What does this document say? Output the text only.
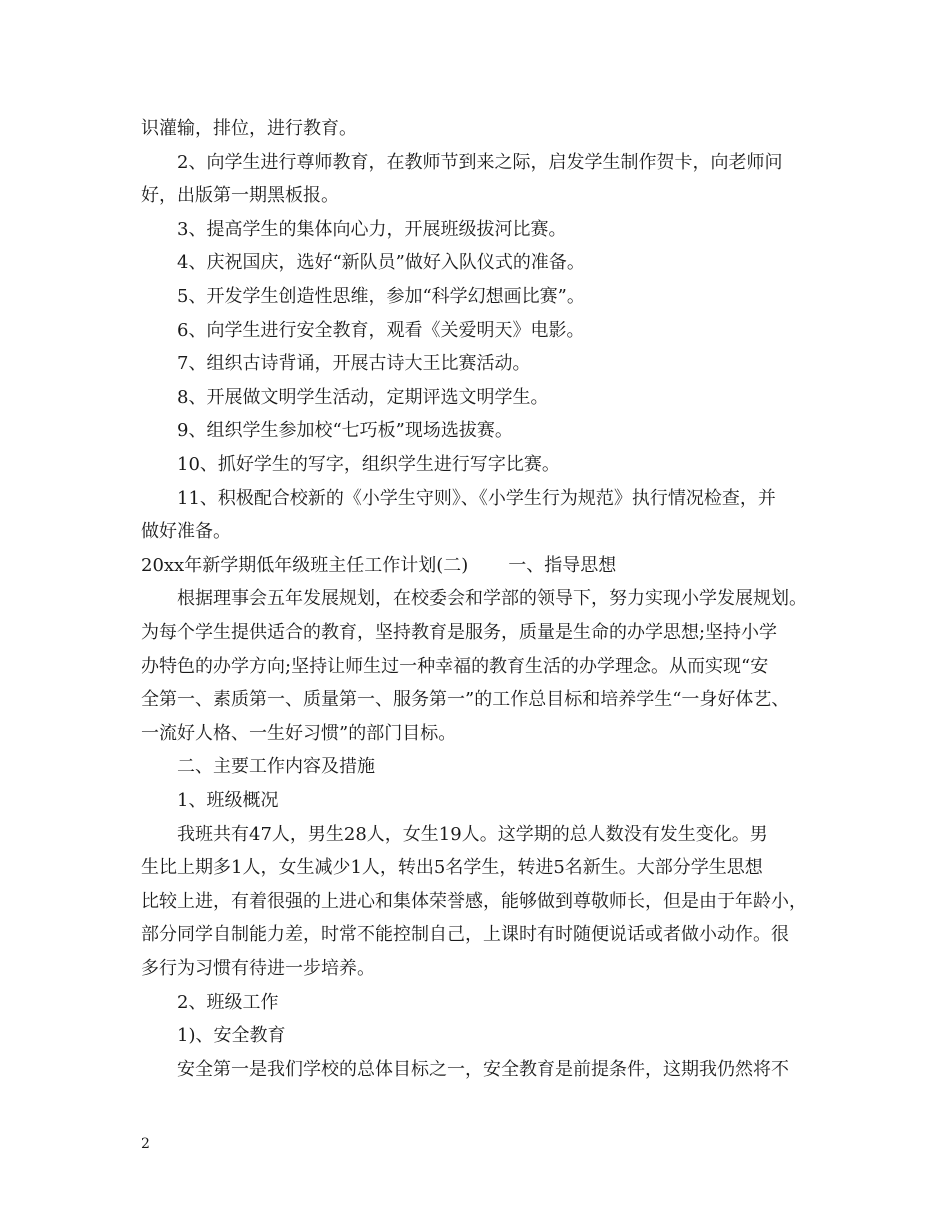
识灌输，排位，进行教育。
2、向学生进行尊师教育，在教师节到来之际，启发学生制作贺卡，向老师问
好，出版第一期黑板报。
3、提高学生的集体向心力，开展班级拔河比赛。
4、庆祝国庆，选好“新队员”做好入队仪式的准备。
5、开发学生创造性思维，参加“科学幻想画比赛”。
6、向学生进行安全教育，观看《关爱明天》电影。
7、组织古诗背诵，开展古诗大王比赛活动。
8、开展做文明学生活动，定期评选文明学生。
9、组织学生参加校“七巧板”现场选拔赛。
10、抓好学生的写字，组织学生进行写字比赛。
11、积极配合校新的《小学生守则》、《小学生行为规范》执行情况检查，并
做好准备。
20xx年新学期低年级班主任工作计划(二) 一、指导思想
根据理事会五年发展规划，在校委会和学部的领导下，努力实现小学发展规划。
为每个学生提供适合的教育，坚持教育是服务，质量是生命的办学思想;坚持小学
办特色的办学方向;坚持让师生过一种幸福的教育生活的办学理念。从而实现“安
全第一、素质第一、质量第一、服务第一”的工作总目标和培养学生“一身好体艺、
一流好人格、一生好习惯”的部门目标。
二、主要工作内容及措施
1、班级概况
我班共有47人，男生28人，女生19人。这学期的总人数没有发生变化。男
生比上期多1人，女生减少1人，转出5名学生，转进5名新生。大部分学生思想
比较上进，有着很强的上进心和集体荣誉感，能够做到尊敬师长，但是由于年龄小，
部分同学自制能力差，时常不能控制自己，上课时有时随便说话或者做小动作。很
多行为习惯有待进一步培养。
2、班级工作
1)、安全教育
安全第一是我们学校的总体目标之一，安全教育是前提条件，这期我仍然将不
2
